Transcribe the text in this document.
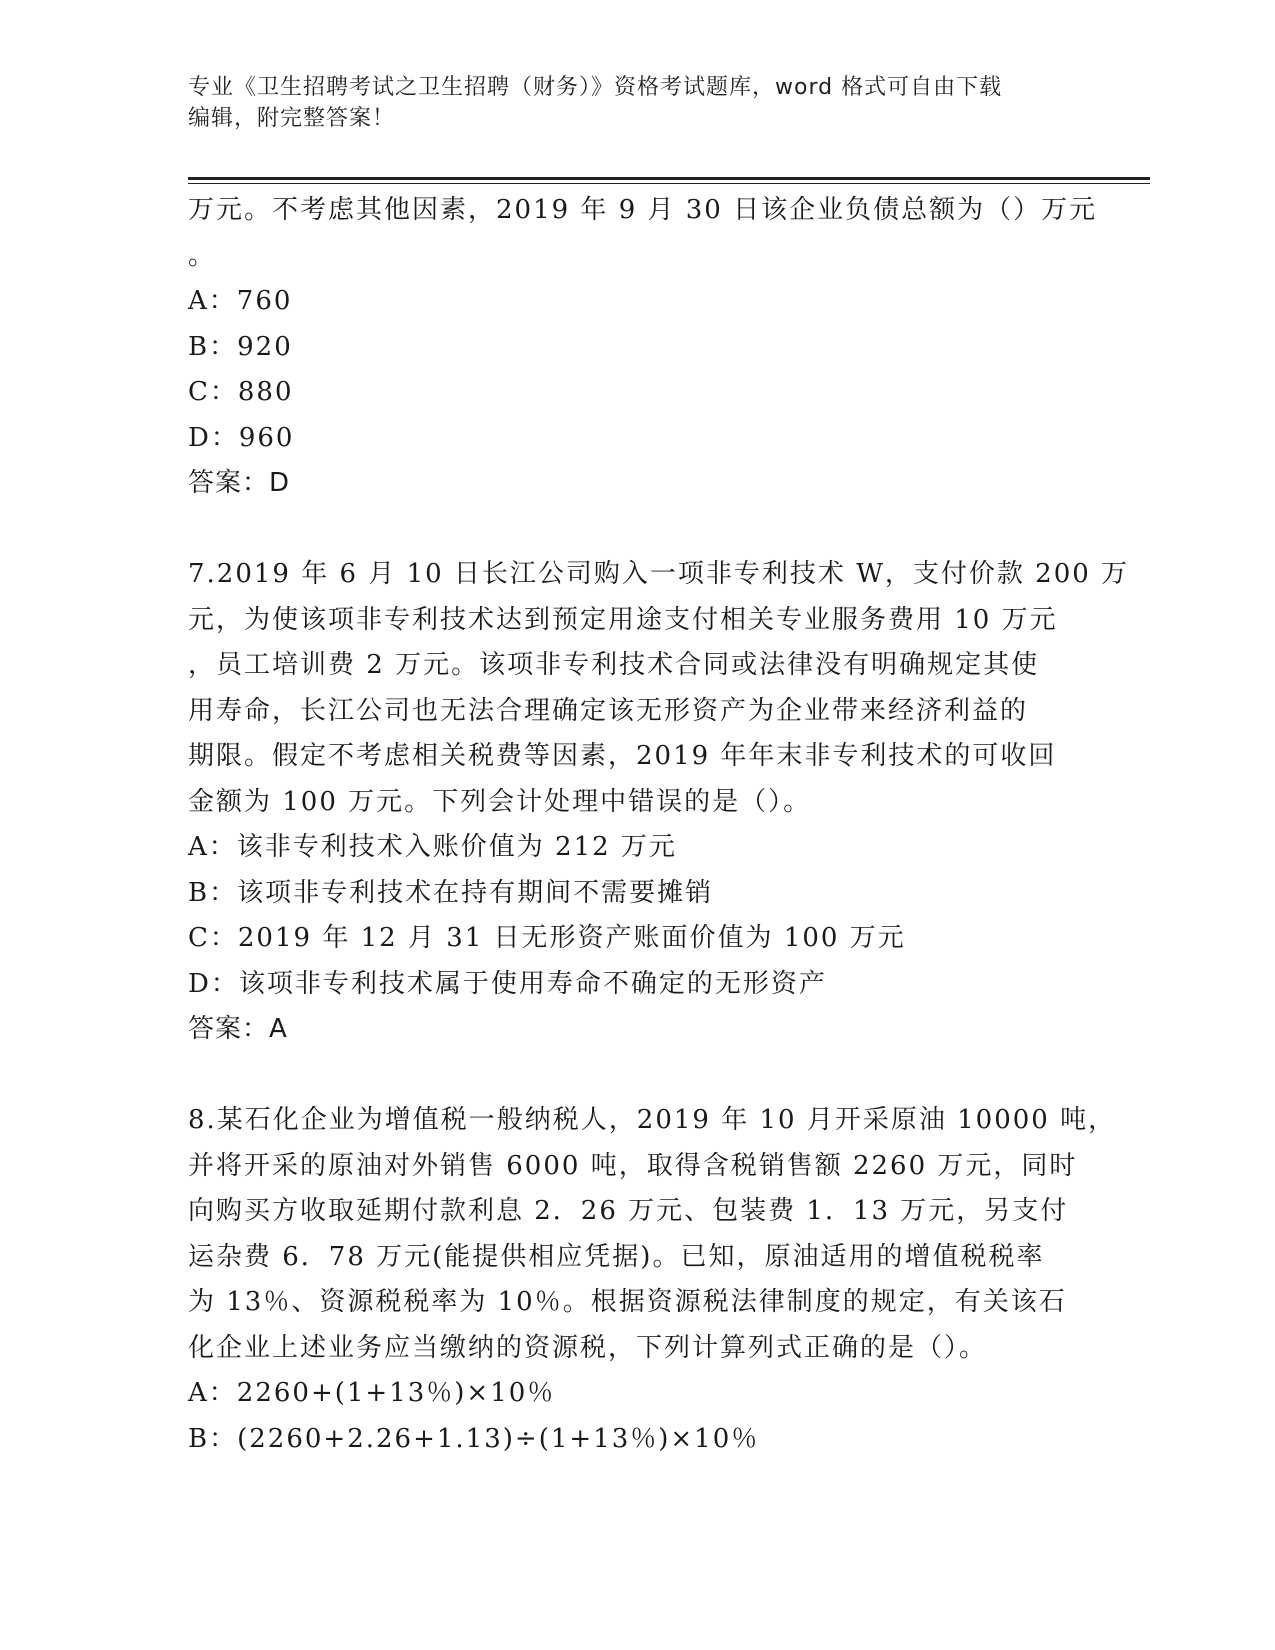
专业《卫生招聘考试之卫生招聘（财务）》资格考试题库，word 格式可自由下载
编辑，附完整答案！
万元。不考虑其他因素，2019 年 9 月 30 日该企业负债总额为（）万元
。
A：760
B：920
C：880
D：960
答案：D
7.2019 年 6 月 10 日长江公司购入一项非专利技术 W，支付价款 200 万
元，为使该项非专利技术达到预定用途支付相关专业服务费用 10 万元
，员工培训费 2 万元。该项非专利技术合同或法律没有明确规定其使
用寿命，长江公司也无法合理确定该无形资产为企业带来经济利益的
期限。假定不考虑相关税费等因素，2019 年年末非专利技术的可收回
金额为 100 万元。下列会计处理中错误的是（）。
A：该非专利技术入账价值为 212 万元
B：该项非专利技术在持有期间不需要摊销
C：2019 年 12 月 31 日无形资产账面价值为 100 万元
D：该项非专利技术属于使用寿命不确定的无形资产
答案：A
8.某石化企业为增值税一般纳税人，2019 年 10 月开采原油 10000 吨，
并将开采的原油对外销售 6000 吨，取得含税销售额 2260 万元，同时
向购买方收取延期付款利息 2．26 万元、包装费 1．13 万元，另支付
运杂费 6．78 万元(能提供相应凭据)。已知，原油适用的增值税税率
为 13％、资源税税率为 10％。根据资源税法律制度的规定，有关该石
化企业上述业务应当缴纳的资源税，下列计算列式正确的是（）。
A：2260+(1+13％)×10％
B：(2260+2.26+1.13)÷(1+13％)×10％
